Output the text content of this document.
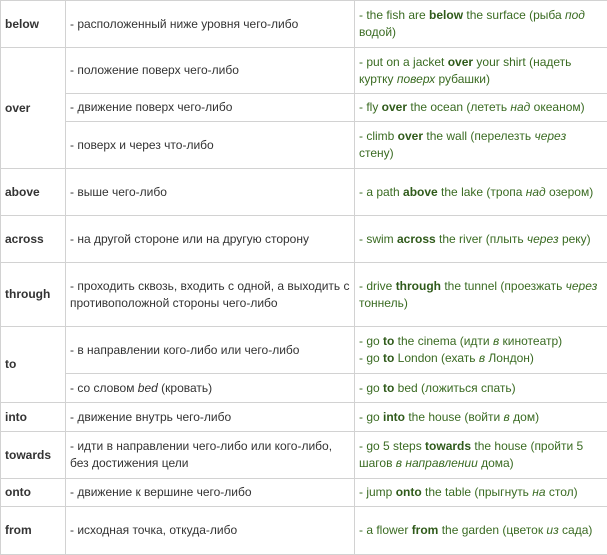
below	- расположенный ниже уровня чего-либо	- the fish are below the surface (рыба под водой)

over	- положение поверх чего-либо	- put on a jacket over your shirt (надеть куртку поверх рубашки)

	- движение поверх чего-либо	- fly over the ocean (лететь над океаном)

	- поверх и через что-либо	- climb over the wall (перелезть через стену)

above	- выше чего-либо	- a path above the lake (тропа над озером)

across	- на другой стороне или на другую сторону	- swim across the river (плыть через реку)

through	- проходить сквозь, входить с одной, а выходить с противоположной стороны чего-либо	- drive through the tunnel (проезжать через тоннель)

to	- в направлении кого-либо или чего-либо	- go to the cinema (идти в кинотеатр)
- go to London (ехать в Лондон)

	- со словом bed (кровать)	- go to bed (ложиться спать)

into	- движение внутрь чего-либо	- go into the house (войти в дом)

towards	- идти в направлении чего-либо или кого-либо, без достижения цели	- go 5 steps towards the house (пройти 5 шагов в направлении дома)

onto	- движение к вершине чего-либо	- jump onto the table (прыгнуть на стол)

from	- исходная точка, откуда-либо	- a flower from the garden (цветок из сада)
